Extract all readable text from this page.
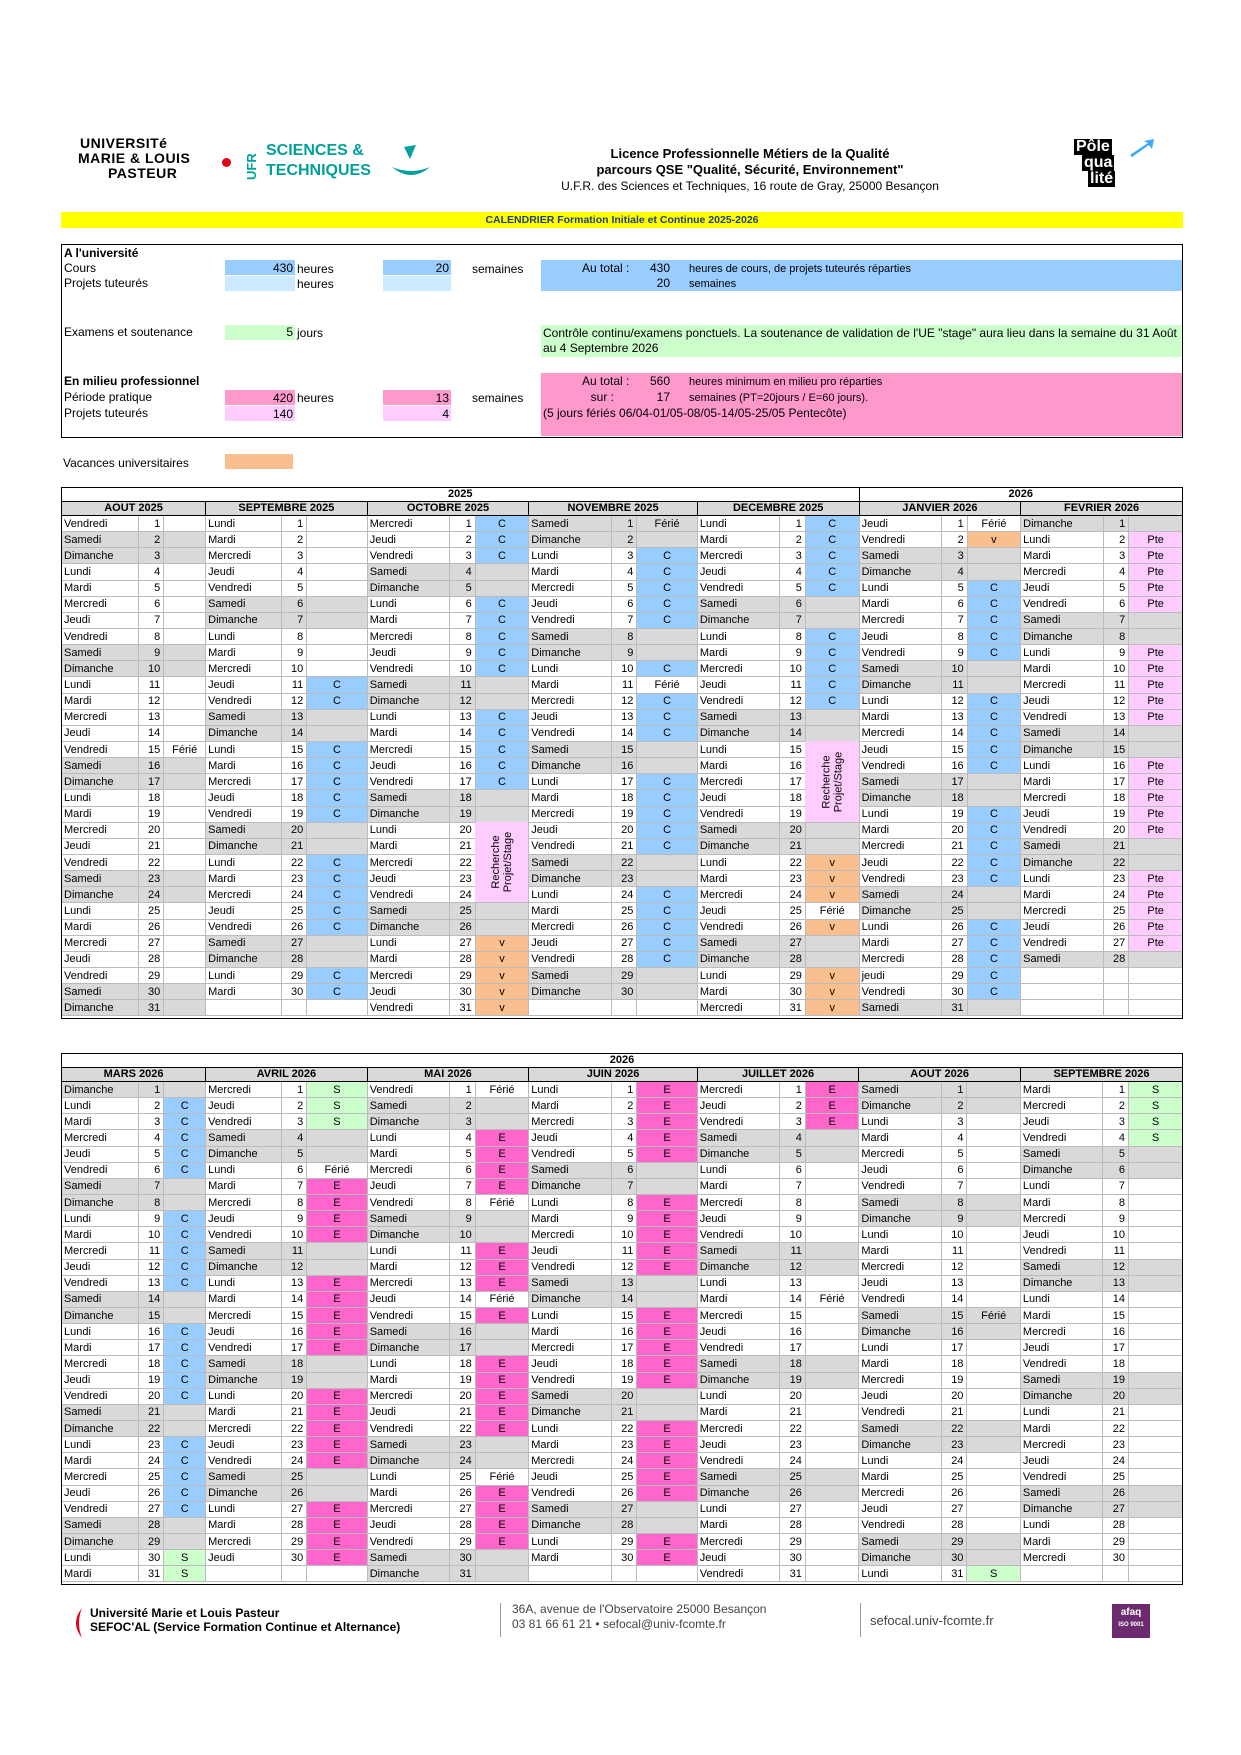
UNIVERSITé
MARIE & LOUIS
PASTEUR	UFR
SCIENCES &
TECHNIQUES
Licence Professionnelle Métiers de la Qualité
parcours QSE "Qualité, Sécurité, Environnement"
U.F.R. des Sciences et Techniques, 16 route de Gray, 25000 Besançon
Pôle
qua
lité
CALENDRIER Formation Initiale et Continue 2025-2026
A l'université
Cours	430 heures	20 semaines
Projets tuteurés	heures
Au total :	430 heures de cours, de projets tuteurés réparties
20 semaines
Examens et soutenance	5 jours	Contrôle continu/examens ponctuels. La soutenance de validation de l'UE "stage" aura lieu dans la semaine du 31 Août au 4 Septembre 2026
En milieu professionnel
Période pratique	420 heures	13 semaines
Projets tuteurés	140	4
Au total :	560 heures minimum en milieu pro réparties
sur :	17 semaines (PT=20jours / E=60 jours).
(5 jours fériés 06/04-01/05-08/05-14/05-25/05 Pentecôte)
Vacances universitaires
2025															2026					
AOUT 2025			SEPTEMBRE 2025			OCTOBRE 2025			NOVEMBRE 2025			DECEMBRE 2025			JANVIER 2026			FEVRIER 2026		
Vendredi	1		Lundi	1		Mercredi	1	C	Samedi	1	Férié	Lundi	1	C	Jeudi	1	Férié	Dimanche	1	
Samedi	2		Mardi	2		Jeudi	2	C	Dimanche	2		Mardi	2	C	Vendredi	2	v	Lundi	2	Pte
Dimanche	3		Mercredi	3		Vendredi	3	C	Lundi	3	C	Mercredi	3	C	Samedi	3		Mardi	3	Pte
Lundi	4		Jeudi	4		Samedi	4		Mardi	4	C	Jeudi	4	C	Dimanche	4		Mercredi	4	Pte
Mardi	5		Vendredi	5		Dimanche	5		Mercredi	5	C	Vendredi	5	C	Lundi	5	C	Jeudi	5	Pte
Mercredi	6		Samedi	6		Lundi	6	C	Jeudi	6	C	Samedi	6		Mardi	6	C	Vendredi	6	Pte
Jeudi	7		Dimanche	7		Mardi	7	C	Vendredi	7	C	Dimanche	7		Mercredi	7	C	Samedi	7	
Vendredi	8		Lundi	8		Mercredi	8	C	Samedi	8		Lundi	8	C	Jeudi	8	C	Dimanche	8	
Samedi	9		Mardi	9		Jeudi	9	C	Dimanche	9		Mardi	9	C	Vendredi	9	C	Lundi	9	Pte
Dimanche	10		Mercredi	10		Vendredi	10	C	Lundi	10	C	Mercredi	10	C	Samedi	10		Mardi	10	Pte
Lundi	11		Jeudi	11	C	Samedi	11		Mardi	11	Férié	Jeudi	11	C	Dimanche	11		Mercredi	11	Pte
Mardi	12		Vendredi	12	C	Dimanche	12		Mercredi	12	C	Vendredi	12	C	Lundi	12	C	Jeudi	12	Pte
Mercredi	13		Samedi	13		Lundi	13	C	Jeudi	13	C	Samedi	13		Mardi	13	C	Vendredi	13	Pte
Jeudi	14		Dimanche	14		Mardi	14	C	Vendredi	14	C	Dimanche	14		Mercredi	14	C	Samedi	14	
Vendredi	15	Férié	Lundi	15	C	Mercredi	15	C	Samedi	15		Lundi	15		Jeudi	15	C	Dimanche	15	
Samedi	16		Mardi	16	C	Jeudi	16	C	Dimanche	16		Mardi	16		Vendredi	16	C	Lundi	16	Pte
Dimanche	17		Mercredi	17	C	Vendredi	17	C	Lundi	17	C	Mercredi	17		Samedi	17		Mardi	17	Pte
Lundi	18		Jeudi	18	C	Samedi	18		Mardi	18	C	Jeudi	18		Dimanche	18		Mercredi	18	Pte
Mardi	19		Vendredi	19	C	Dimanche	19		Mercredi	19	C	Vendredi	19		Lundi	19	C	Jeudi	19	Pte
Mercredi	20		Samedi	20		Lundi	20		Jeudi	20	C	Samedi	20		Mardi	20	C	Vendredi	20	Pte
Jeudi	21		Dimanche	21		Mardi	21		Vendredi	21	C	Dimanche	21		Mercredi	21	C	Samedi	21	
Vendredi	22		Lundi	22	C	Mercredi	22		Samedi	22		Lundi	22	v	Jeudi	22	C	Dimanche	22	
Samedi	23		Mardi	23	C	Jeudi	23		Dimanche	23		Mardi	23	v	Vendredi	23	C	Lundi	23	Pte
Dimanche	24		Mercredi	24	C	Vendredi	24		Lundi	24	C	Mercredi	24	v	Samedi	24		Mardi	24	Pte
Lundi	25		Jeudi	25	C	Samedi	25		Mardi	25	C	Jeudi	25	Férié	Dimanche	25		Mercredi	25	Pte
Mardi	26		Vendredi	26	C	Dimanche	26		Mercredi	26	C	Vendredi	26	v	Lundi	26	C	Jeudi	26	Pte
Mercredi	27		Samedi	27		Lundi	27	v	Jeudi	27	C	Samedi	27		Mardi	27	C	Vendredi	27	Pte
Jeudi	28		Dimanche	28		Mardi	28	v	Vendredi	28	C	Dimanche	28		Mercredi	28	C	Samedi	28	
Vendredi	29		Lundi	29	C	Mercredi	29	v	Samedi	29		Lundi	29	v	jeudi	29	C			
Samedi	30		Mardi	30	C	Jeudi	30	v	Dimanche	30		Mardi	30	v	Vendredi	30	C			
Dimanche	31					Vendredi	31	v				Mercredi	31	v	Samedi	31				
2026																				
MARS 2026			AVRIL 2026			MAI 2026			JUIN 2026			JUILLET 2026			AOUT 2026			SEPTEMBRE 2026		
Dimanche	1		Mercredi	1	S	Vendredi	1	Férié	Lundi	1	E	Mercredi	1	E	Samedi	1		Mardi	1	S
Lundi	2	C	Jeudi	2	S	Samedi	2		Mardi	2	E	Jeudi	2	E	Dimanche	2		Mercredi	2	S
Mardi	3	C	Vendredi	3	S	Dimanche	3		Mercredi	3	E	Vendredi	3	E	Lundi	3		Jeudi	3	S
Mercredi	4	C	Samedi	4		Lundi	4	E	Jeudi	4	E	Samedi	4		Mardi	4		Vendredi	4	S
Jeudi	5	C	Dimanche	5		Mardi	5	E	Vendredi	5	E	Dimanche	5		Mercredi	5		Samedi	5	
Vendredi	6	C	Lundi	6	Férié	Mercredi	6	E	Samedi	6		Lundi	6		Jeudi	6		Dimanche	6	
Samedi	7		Mardi	7	E	Jeudi	7	E	Dimanche	7		Mardi	7		Vendredi	7		Lundi	7	
Dimanche	8		Mercredi	8	E	Vendredi	8	Férié	Lundi	8	E	Mercredi	8		Samedi	8		Mardi	8	
Lundi	9	C	Jeudi	9	E	Samedi	9		Mardi	9	E	Jeudi	9		Dimanche	9		Mercredi	9	
Mardi	10	C	Vendredi	10	E	Dimanche	10		Mercredi	10	E	Vendredi	10		Lundi	10		Jeudi	10	
Mercredi	11	C	Samedi	11		Lundi	11	E	Jeudi	11	E	Samedi	11		Mardi	11		Vendredi	11	
Jeudi	12	C	Dimanche	12		Mardi	12	E	Vendredi	12	E	Dimanche	12		Mercredi	12		Samedi	12	
Vendredi	13	C	Lundi	13	E	Mercredi	13	E	Samedi	13		Lundi	13		Jeudi	13		Dimanche	13	
Samedi	14		Mardi	14	E	Jeudi	14	Férié	Dimanche	14		Mardi	14	Férié	Vendredi	14		Lundi	14	
Dimanche	15		Mercredi	15	E	Vendredi	15	E	Lundi	15	E	Mercredi	15		Samedi	15	Férié	Mardi	15	
Lundi	16	C	Jeudi	16	E	Samedi	16		Mardi	16	E	Jeudi	16		Dimanche	16		Mercredi	16	
Mardi	17	C	Vendredi	17	E	Dimanche	17		Mercredi	17	E	Vendredi	17		Lundi	17		Jeudi	17	
Mercredi	18	C	Samedi	18		Lundi	18	E	Jeudi	18	E	Samedi	18		Mardi	18		Vendredi	18	
Jeudi	19	C	Dimanche	19		Mardi	19	E	Vendredi	19	E	Dimanche	19		Mercredi	19		Samedi	19	
Vendredi	20	C	Lundi	20	E	Mercredi	20	E	Samedi	20		Lundi	20		Jeudi	20		Dimanche	20	
Samedi	21		Mardi	21	E	Jeudi	21	E	Dimanche	21		Mardi	21		Vendredi	21		Lundi	21	
Dimanche	22		Mercredi	22	E	Vendredi	22	E	Lundi	22	E	Mercredi	22		Samedi	22		Mardi	22	
Lundi	23	C	Jeudi	23	E	Samedi	23		Mardi	23	E	Jeudi	23		Dimanche	23		Mercredi	23	
Mardi	24	C	Vendredi	24	E	Dimanche	24		Mercredi	24	E	Vendredi	24		Lundi	24		Jeudi	24	
Mercredi	25	C	Samedi	25		Lundi	25	Férié	Jeudi	25	E	Samedi	25		Mardi	25		Vendredi	25	
Jeudi	26	C	Dimanche	26		Mardi	26	E	Vendredi	26	E	Dimanche	26		Mercredi	26		Samedi	26	
Vendredi	27	C	Lundi	27	E	Mercredi	27	E	Samedi	27		Lundi	27		Jeudi	27		Dimanche	27	
Samedi	28		Mardi	28	E	Jeudi	28	E	Dimanche	28		Mardi	28		Vendredi	28		Lundi	28	
Dimanche	29		Mercredi	29	E	Vendredi	29	E	Lundi	29	E	Mercredi	29		Samedi	29		Mardi	29	
Lundi	30	S	Jeudi	30	E	Samedi	30		Mardi	30	E	Jeudi	30		Dimanche	30		Mercredi	30	
Mardi	31	S				Dimanche	31					Vendredi	31		Lundi	31	S			
Université Marie et Louis Pasteur
SEFOC'AL (Service Formation Continue et Alternance)
36A, avenue de l'Observatoire 25000 Besançon
03 81 66 61 21 • sefocal@univ-fcomte.fr	sefocal.univ-fcomte.fr
afaq
ISO 9001
Recherche
Projet/Stage
Recherche
Projet/Stage
